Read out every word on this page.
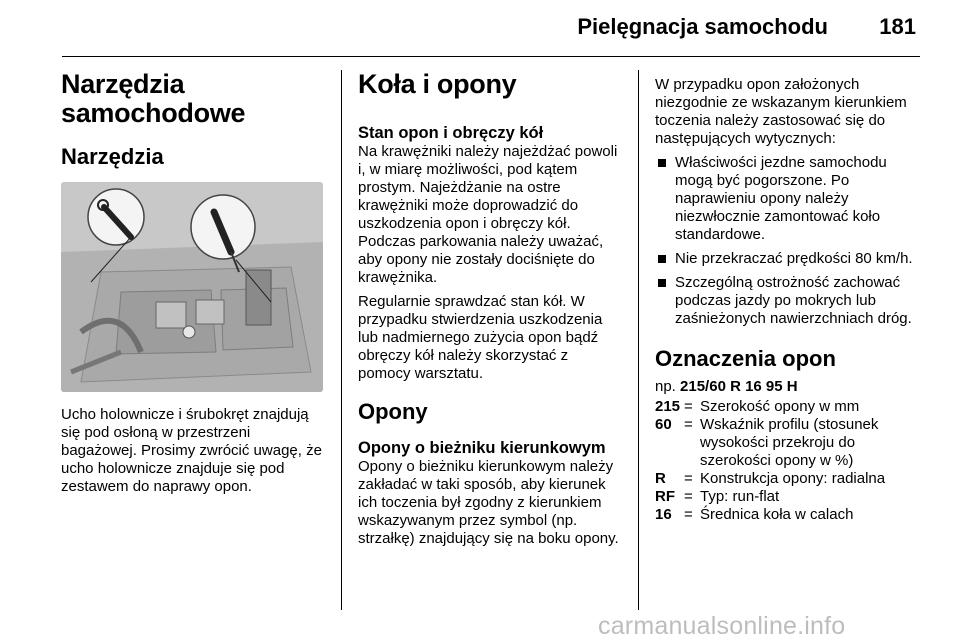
Pielęgnacja samochodu 181
Narzędzia samochodowe
Narzędzia
Ucho holownicze i śrubokręt znajdują się pod osłoną w przestrzeni bagażowej. Prosimy zwrócić uwagę, że ucho holownicze znajduje się pod zestawem do naprawy opon.
Koła i opony
Stan opon i obręczy kół
Na krawężniki należy najeżdżać powoli i, w miarę możliwości, pod kątem prostym. Najeżdżanie na ostre krawężniki może doprowadzić do uszkodzenia opon i obręczy kół. Podczas parkowania należy uważać, aby opony nie zostały dociśnięte do krawężnika.
Regularnie sprawdzać stan kół. W przypadku stwierdzenia uszkodzenia lub nadmiernego zużycia opon bądź obręczy kół należy skorzystać z pomocy warsztatu.
Opony
Opony o bieżniku kierunkowym
Opony o bieżniku kierunkowym należy zakładać w taki sposób, aby kierunek ich toczenia był zgodny z kierunkiem wskazywanym przez symbol (np. strzałkę) znajdujący się na boku opony.
W przypadku opon założonych niezgodnie ze wskazanym kierunkiem toczenia należy zastosować się do następujących wytycznych:
Właściwości jezdne samochodu mogą być pogorszone. Po naprawieniu opony należy niezwłocznie zamontować koło standardowe.
Nie przekraczać prędkości 80 km/h.
Szczególną ostrożność zachować podczas jazdy po mokrych lub zaśnieżonych nawierzchniach dróg.
Oznaczenia opon
np. 215/60 R 16 95 H
215	=	Szerokość opony w mm
60	=	Wskaźnik profilu (stosunek wysokości przekroju do szerokości opony w %)
R	=	Konstrukcja opony: radialna
RF	=	Typ: run-flat
16	=	Średnica koła w calach
carmanualsonline.info
